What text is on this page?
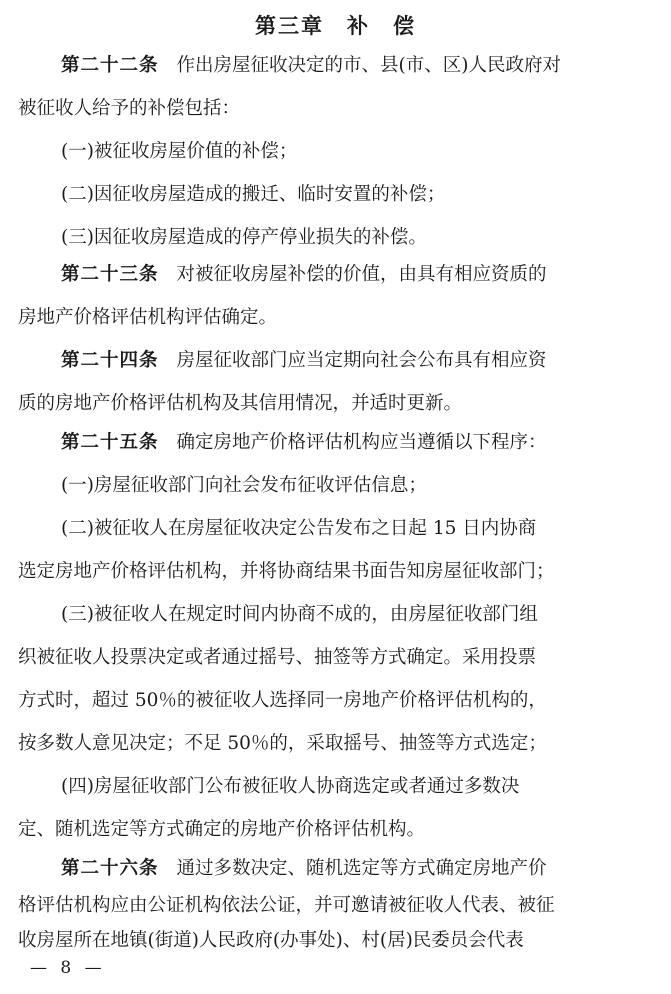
第三章　补　偿
第二十二条 作出房屋征收决定的市、县(市、区)人民政府对
被征收人给予的补偿包括：
(一)被征收房屋价值的补偿；
(二)因征收房屋造成的搬迁、临时安置的补偿；
(三)因征收房屋造成的停产停业损失的补偿。
第二十三条 对被征收房屋补偿的价值，由具有相应资质的
房地产价格评估机构评估确定。
第二十四条 房屋征收部门应当定期向社会公布具有相应资
质的房地产价格评估机构及其信用情况，并适时更新。
第二十五条 确定房地产价格评估机构应当遵循以下程序：
(一)房屋征收部门向社会发布征收评估信息；
(二)被征收人在房屋征收决定公告发布之日起 15 日内协商
选定房地产价格评估机构，并将协商结果书面告知房屋征收部门；
(三)被征收人在规定时间内协商不成的，由房屋征收部门组
织被征收人投票决定或者通过摇号、抽签等方式确定。采用投票
方式时，超过 50％的被征收人选择同一房地产价格评估机构的，
按多数人意见决定；不足 50％的，采取摇号、抽签等方式选定；
(四)房屋征收部门公布被征收人协商选定或者通过多数决
定、随机选定等方式确定的房地产价格评估机构。
第二十六条 通过多数决定、随机选定等方式确定房地产价
格评估机构应由公证机构依法公证，并可邀请被征收人代表、被征
收房屋所在地镇(街道)人民政府(办事处)、村(居)民委员会代表
— 8 —
